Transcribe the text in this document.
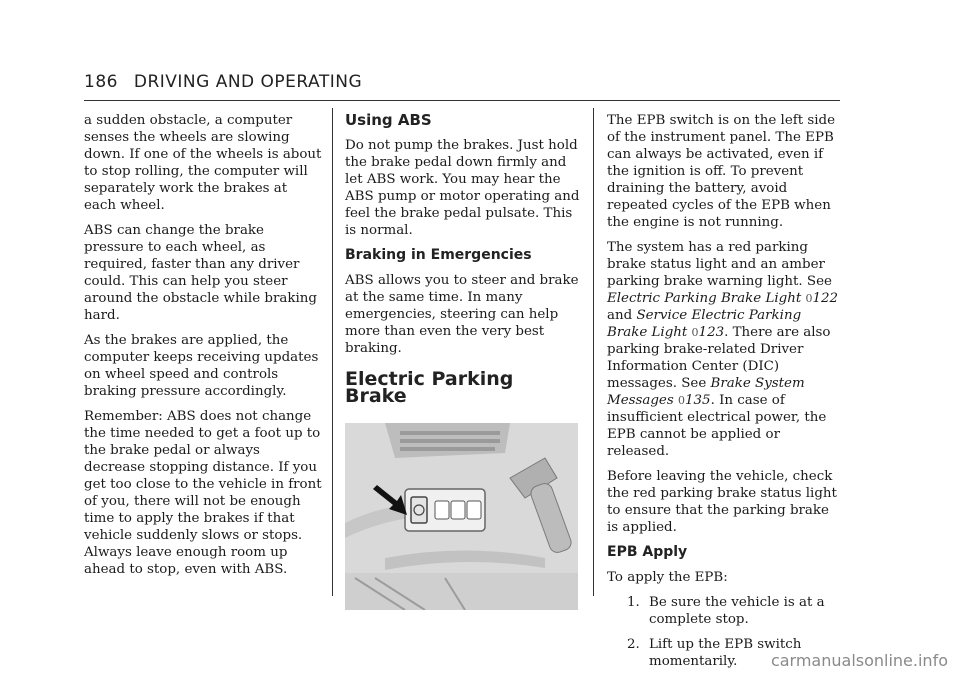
186 DRIVING AND OPERATING

a sudden obstacle, a computer senses the wheels are slowing down. If one of the wheels is about to stop rolling, the computer will separately work the brakes at each wheel.

ABS can change the brake pressure to each wheel, as required, faster than any driver could. This can help you steer around the obstacle while braking hard.

As the brakes are applied, the computer keeps receiving updates on wheel speed and controls braking pressure accordingly.

Remember: ABS does not change the time needed to get a foot up to the brake pedal or always decrease stopping distance. If you get too close to the vehicle in front of you, there will not be enough time to apply the brakes if that vehicle suddenly slows or stops. Always leave enough room up ahead to stop, even with ABS.

Using ABS

Do not pump the brakes. Just hold the brake pedal down firmly and let ABS work. You may hear the ABS pump or motor operating and feel the brake pedal pulsate. This is normal.

Braking in Emergencies

ABS allows you to steer and brake at the same time. In many emergencies, steering can help more than even the very best braking.

Electric Parking Brake

The EPB switch is on the left side of the instrument panel. The EPB can always be activated, even if the ignition is off. To prevent draining the battery, avoid repeated cycles of the EPB when the engine is not running.

The system has a red parking brake status light and an amber parking brake warning light. See Electric Parking Brake Light 0122 and Service Electric Parking Brake Light 0123. There are also parking brake-related Driver Information Center (DIC) messages. See Brake System Messages 0135. In case of insufficient electrical power, the EPB cannot be applied or released.

Before leaving the vehicle, check the red parking brake status light to ensure that the parking brake is applied.

EPB Apply

To apply the EPB:

1. Be sure the vehicle is at a complete stop.
2. Lift up the EPB switch momentarily.	carmanualsonline.info
